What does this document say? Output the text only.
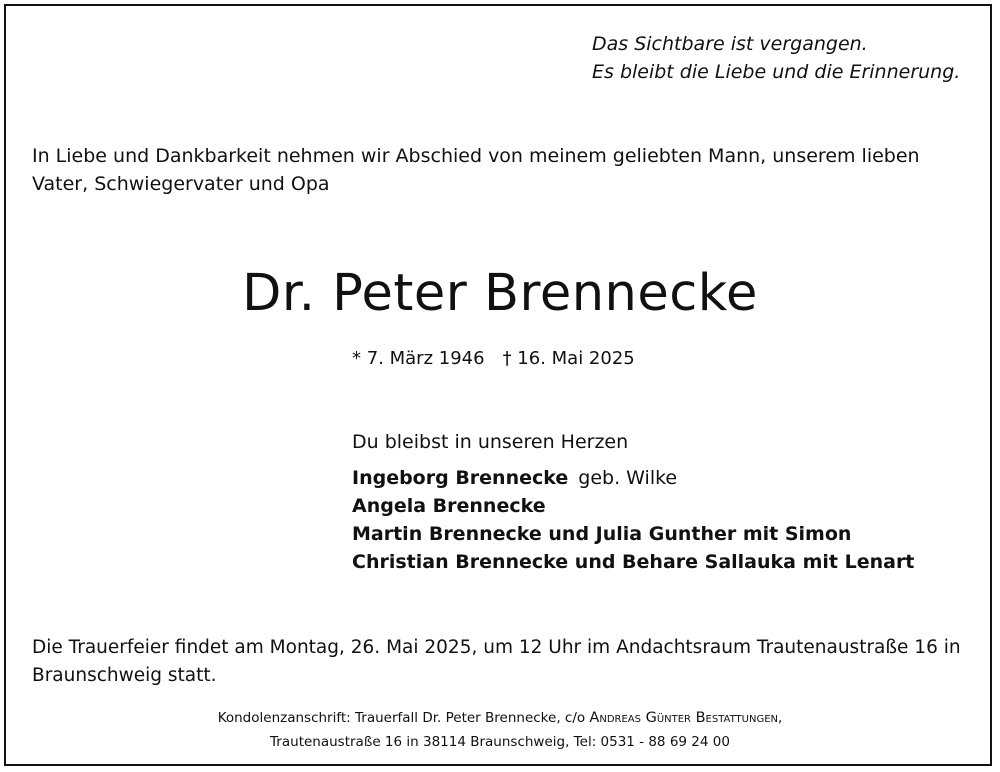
Das Sichtbare ist vergangen.
Es bleibt die Liebe und die Erinnerung.
In Liebe und Dankbarkeit nehmen wir Abschied von meinem geliebten Mann, unserem lieben Vater, Schwiegervater und Opa
Dr. Peter Brennecke
* 7. März 1946 † 16. Mai 2025
Du bleibst in unseren Herzen
Ingeborg Brennecke geb. Wilke
Angela Brennecke
Martin Brennecke und Julia Gunther mit Simon
Christian Brennecke und Behare Sallauka mit Lenart
Die Trauerfeier findet am Montag, 26. Mai 2025, um 12 Uhr im Andachtsraum Trautenaustraße 16 in Braunschweig statt.
Kondolenzanschrift: Trauerfall Dr. Peter Brennecke, c/o Andreas Günter Bestattungen,
Trautenaustraße 16 in 38114 Braunschweig, Tel: 0531 - 88 69 24 00
